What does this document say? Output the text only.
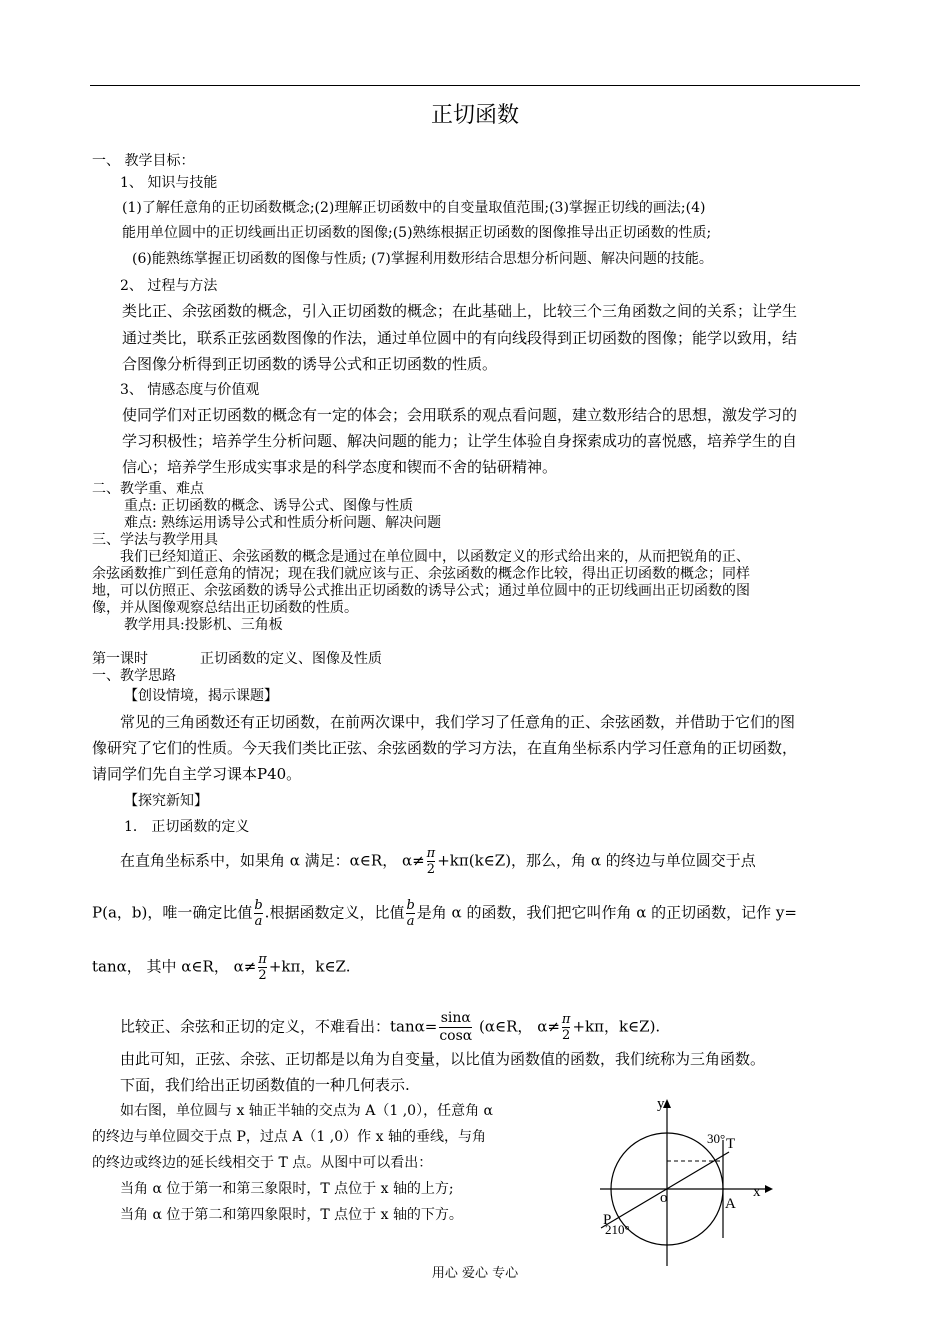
正切函数
一、 教学目标：
1、 知识与技能
(1)了解任意角的正切函数概念;(2)理解正切函数中的自变量取值范围;(3)掌握正切线的画法;(4)
能用单位圆中的正切线画出正切函数的图像;(5)熟练根据正切函数的图像推导出正切函数的性质;
(6)能熟练掌握正切函数的图像与性质; (7)掌握利用数形结合思想分析问题、解决问题的技能。
2、 过程与方法
类比正、余弦函数的概念，引入正切函数的概念；在此基础上，比较三个三角函数之间的关系；让学生
通过类比，联系正弦函数图像的作法，通过单位圆中的有向线段得到正切函数的图像；能学以致用，结
合图像分析得到正切函数的诱导公式和正切函数的性质。
3、 情感态度与价值观
使同学们对正切函数的概念有一定的体会；会用联系的观点看问题，建立数形结合的思想，激发学习的
学习积极性；培养学生分析问题、解决问题的能力；让学生体验自身探索成功的喜悦感，培养学生的自
信心；培养学生形成实事求是的科学态度和锲而不舍的钻研精神。
二、教学重、难点
重点: 正切函数的概念、诱导公式、图像与性质
难点: 熟练运用诱导公式和性质分析问题、解决问题
三、学法与教学用具
我们已经知道正、余弦函数的概念是通过在单位圆中，以函数定义的形式给出来的，从而把锐角的正、
余弦函数推广到任意角的情况；现在我们就应该与正、余弦函数的概念作比较，得出正切函数的概念；同样
地，可以仿照正、余弦函数的诱导公式推出正切函数的诱导公式；通过单位圆中的正切线画出正切函数的图
像，并从图像观察总结出正切函数的性质。
教学用具:投影机、三角板
第一课时	正切函数的定义、图像及性质
一、教学思路
【创设情境，揭示课题】
常见的三角函数还有正切函数，在前两次课中，我们学习了任意角的正、余弦函数，并借助于它们的图
像研究了它们的性质。今天我们类比正弦、余弦函数的学习方法，在直角坐标系内学习任意角的正切函数，
请同学们先自主学习课本P40。
【探究新知】
1． 正切函数的定义
在直角坐标系中，如果角 α 满足：α∈R， $\alpha\ne \frac{\pi}{2}$ +kπ(k∈Z)，那么，角 α 的终边与单位圆交于点
P(a，b)，唯一确定比值 $\frac{b}{a}$ .根据函数定义，比值 $\frac{b}{a}$ 是角 α 的函数，我们把它叫作角 α 的正切函数，记作 y=
tanα， 其中 α∈R， $\alpha\ne \frac{\pi}{2} +k\pi$，k∈Z.
比较正、余弦和正切的定义，不难看出：$\tan\alpha= \frac{\sin\alpha}{\cos\alpha}$ (α∈R， $\alpha\ne \frac{\pi}{2} +k\pi$，k∈Z).
由此可知，正弦、余弦、正切都是以角为自变量，以比值为函数值的函数，我们统称为三角函数。
下面，我们给出正切函数值的一种几何表示.
如右图，单位圆与 x 轴正半轴的交点为 A（1 ,0），任意角 α
的终边与单位圆交于点 P，过点 A（1 ,0）作 x 轴的垂线，与角
的终边或终边的延长线相交于 T 点。从图中可以看出：
当角 α 位于第一和第三象限时，T 点位于 x 轴的上方;
当角 α 位于第二和第四象限时，T 点位于 x 轴的下方。
y
x
o	A
T
P
30°
210°
用心 爱心 专心
